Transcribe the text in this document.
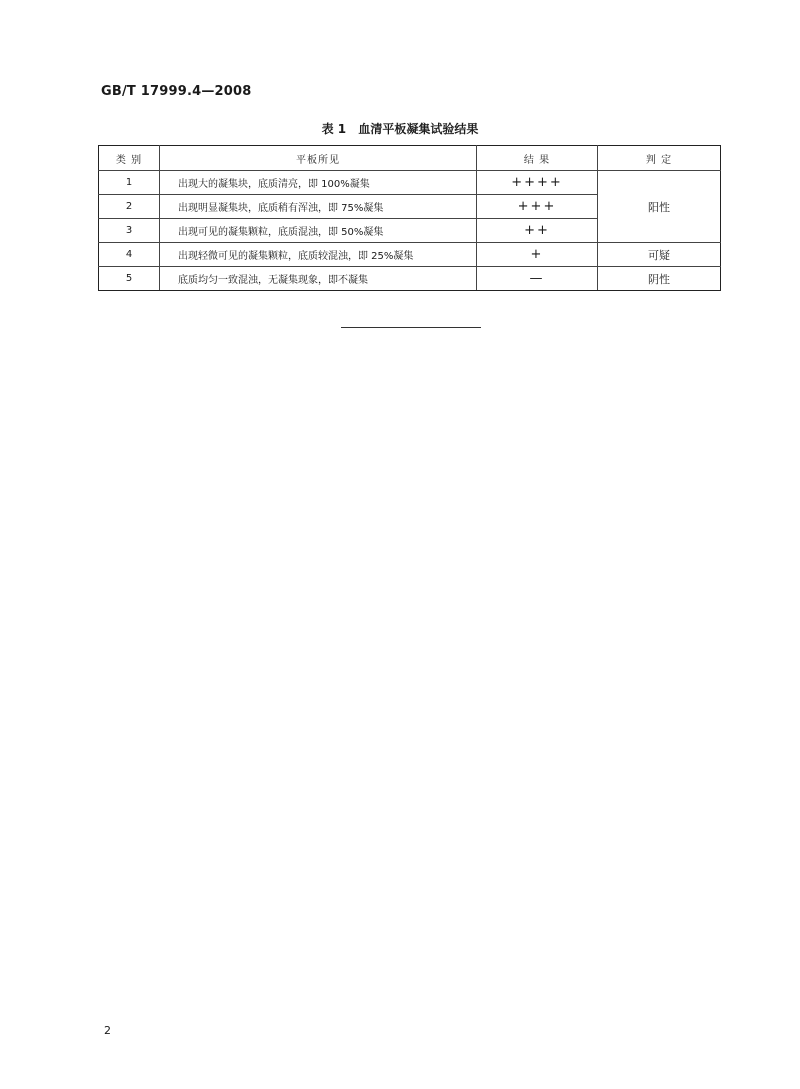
GB/T 17999.4—2008
表 1 血清平板凝集试验结果
类 别	平板所见	结 果	判 定
1	出现大的凝集块，底质清亮，即 100%凝集	++++	阳性
2	出现明显凝集块，底质稍有浑浊，即 75%凝集	+++	
3	出现可见的凝集颗粒，底质混浊，即 50%凝集	++	
4	出现轻微可见的凝集颗粒，底质较混浊，即 25%凝集	+	可疑
5	底质均匀一致混浊，无凝集现象，即不凝集	—	阴性
2
